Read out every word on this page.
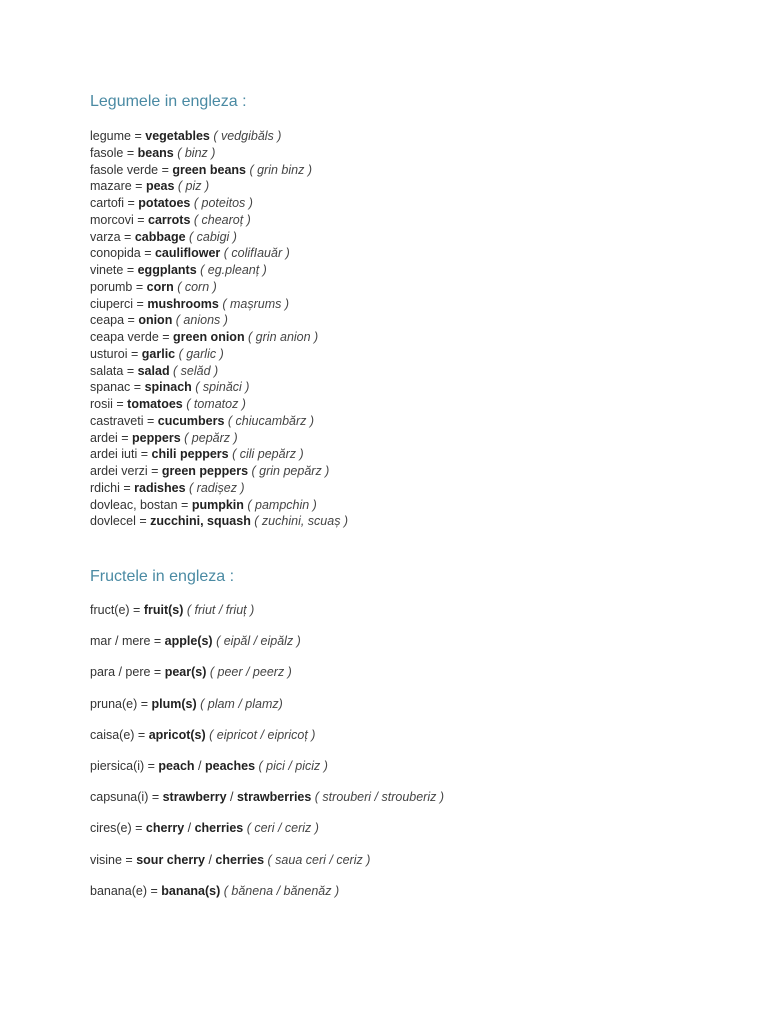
Legumele in engleza :
legume = vegetables ( vedgibăls )
fasole = beans ( binz )
fasole verde = green beans ( grin binz )
mazare = peas ( piz )
cartofi = potatoes ( poteitos )
morcovi = carrots ( chearoț )
varza = cabbage ( cabigi )
conopida = cauliflower ( colifIauăr )
vinete = eggplants ( eg.pleanț )
porumb = corn ( corn )
ciuperci = mushrooms ( mașrums )
ceapa = onion ( anions )
ceapa verde = green onion ( grin anion )
usturoi = garlic ( garlic )
salata = salad ( selăd )
spanac = spinach ( spinăci )
rosii = tomatoes ( tomatoz )
castraveti = cucumbers ( chiucambărz )
ardei = peppers ( pepărz )
ardei iuti = chili peppers ( cili pepărz )
ardei verzi = green peppers ( grin pepărz )
rdichi = radishes ( radișez )
dovleac, bostan = pumpkin ( pampchin )
dovlecel = zucchini, squash ( zuchini, scuaș )
Fructele in engleza :
fruct(e) = fruit(s) ( friut / friuț )
mar / mere = apple(s) ( eipăl / eipălz )
para / pere = pear(s) ( peer / peerz )
pruna(e) = plum(s) ( plam / plamz)
caisa(e) = apricot(s) ( eipricot / eipricoț )
piersica(i) = peach / peaches ( pici / piciz )
capsuna(i) = strawberry / strawberries ( strouberi / strouberiz )
cires(e) = cherry / cherries ( ceri / ceriz )
visine = sour cherry / cherries ( saua ceri / ceriz )
banana(e) = banana(s) ( bănena / bănenăz )
